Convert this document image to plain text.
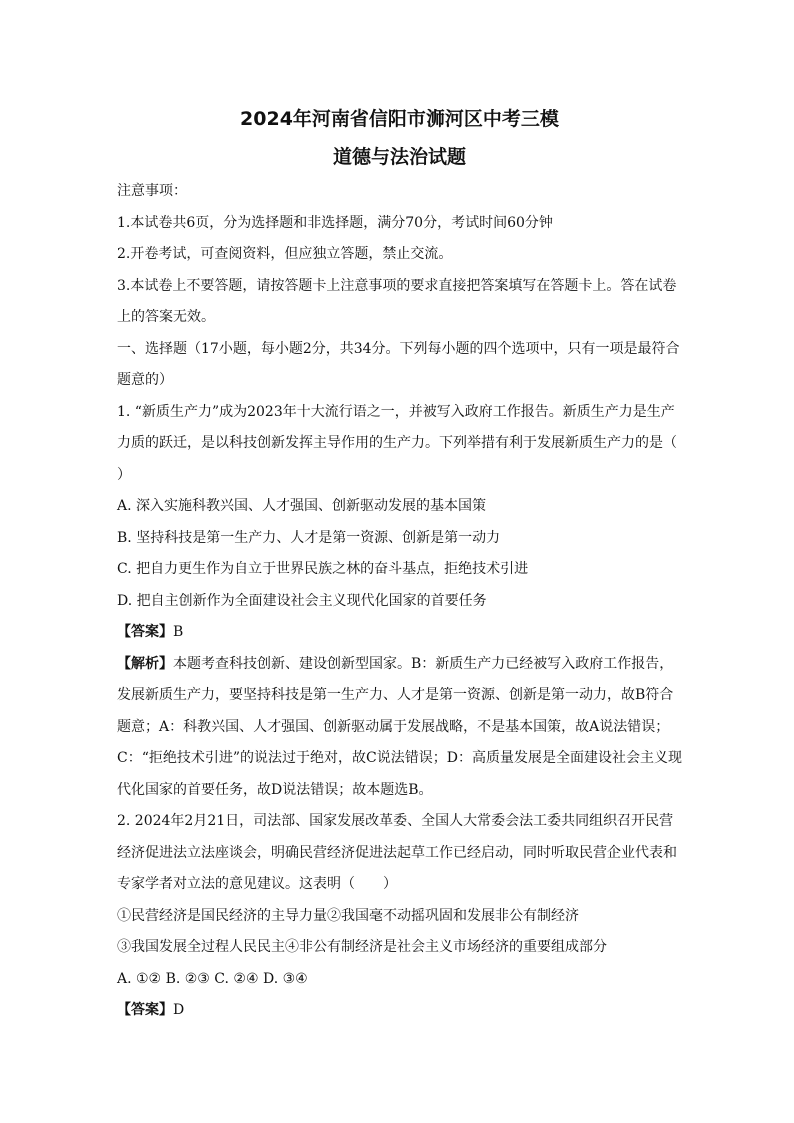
2024年河南省信阳市浉河区中考三模
道德与法治试题

注意事项：

1.本试卷共6页，分为选择题和非选择题，满分70分，考试时间60分钟

2.开卷考试，可查阅资料，但应独立答题，禁止交流。

3.本试卷上不要答题，请按答题卡上注意事项的要求直接把答案填写在答题卡上。答在试卷上的答案无效。

一、选择题（17小题，每小题2分，共34分。下列每小题的四个选项中，只有一项是最符合题意的）

1. “新质生产力”成为2023年十大流行语之一，并被写入政府工作报告。新质生产力是生产力质的跃迁，是以科技创新发挥主导作用的生产力。下列举措有利于发展新质生产力的是（　　）

A. 深入实施科教兴国、人才强国、创新驱动发展的基本国策

B. 坚持科技是第一生产力、人才是第一资源、创新是第一动力

C. 把自力更生作为自立于世界民族之林的奋斗基点，拒绝技术引进

D. 把自主创新作为全面建设社会主义现代化国家的首要任务

【答案】B

【解析】本题考查科技创新、建设创新型国家。B：新质生产力已经被写入政府工作报告，发展新质生产力，要坚持科技是第一生产力、人才是第一资源、创新是第一动力，故B符合题意；A：科教兴国、人才强国、创新驱动属于发展战略，不是基本国策，故A说法错误；C：“拒绝技术引进”的说法过于绝对，故C说法错误；D：高质量发展是全面建设社会主义现代化国家的首要任务，故D说法错误；故本题选B。

2. 2024年2月21日，司法部、国家发展改革委、全国人大常委会法工委共同组织召开民营经济促进法立法座谈会，明确民营经济促进法起草工作已经启动，同时听取民营企业代表和专家学者对立法的意见建议。这表明（　　）

①民营经济是国民经济的主导力量②我国毫不动摇巩固和发展非公有制经济

③我国发展全过程人民民主④非公有制经济是社会主义市场经济的重要组成部分

A. ①② B. ②③ C. ②④ D. ③④

【答案】D
